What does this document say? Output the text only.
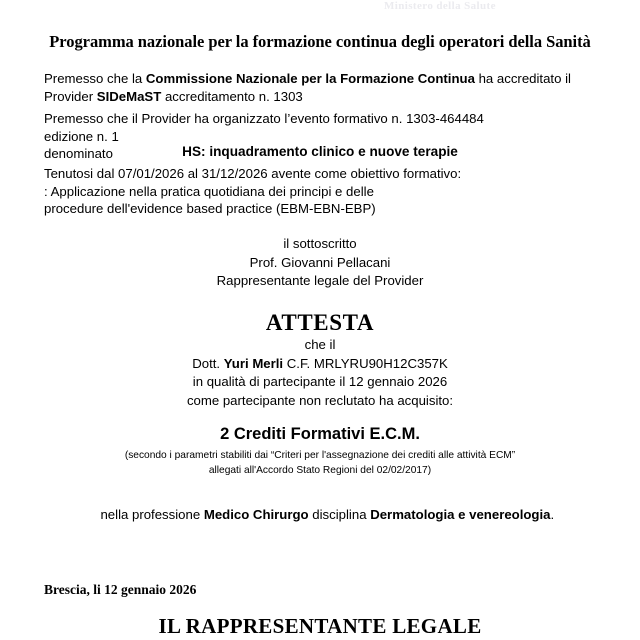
Ministero della Salute
Programma nazionale per la formazione continua degli operatori della Sanità
Premesso che la Commissione Nazionale per la Formazione Continua ha accreditato il
Provider SIDeMaST accreditamento n. 1303
Premesso che il Provider ha organizzato l’evento formativo n. 1303-464484 edizione n. 1
denominato	HS: inquadramento clinico e nuove terapie
Tenutosi dal 07/01/2026 al 31/12/2026 avente come obiettivo formativo:
: Applicazione nella pratica quotidiana dei principi e delle
procedure dell'evidence based practice (EBM-EBN-EBP)
il sottoscritto
Prof. Giovanni Pellacani
Rappresentante legale del Provider
ATTESTA
che il
Dott. Yuri Merli C.F. MRLYRU90H12C357K
in qualità di partecipante il 12 gennaio 2026
come partecipante non reclutato ha acquisito:
2 Crediti Formativi E.C.M.
(secondo i parametri stabiliti dai “Criteri per l'assegnazione dei crediti alle attività ECM”
allegati all'Accordo Stato Regioni del 02/02/2017)

nella professione Medico Chirurgo disciplina Dermatologia e venereologia.

Brescia, li 12 gennaio 2026
IL RAPPRESENTANTE LEGALE
